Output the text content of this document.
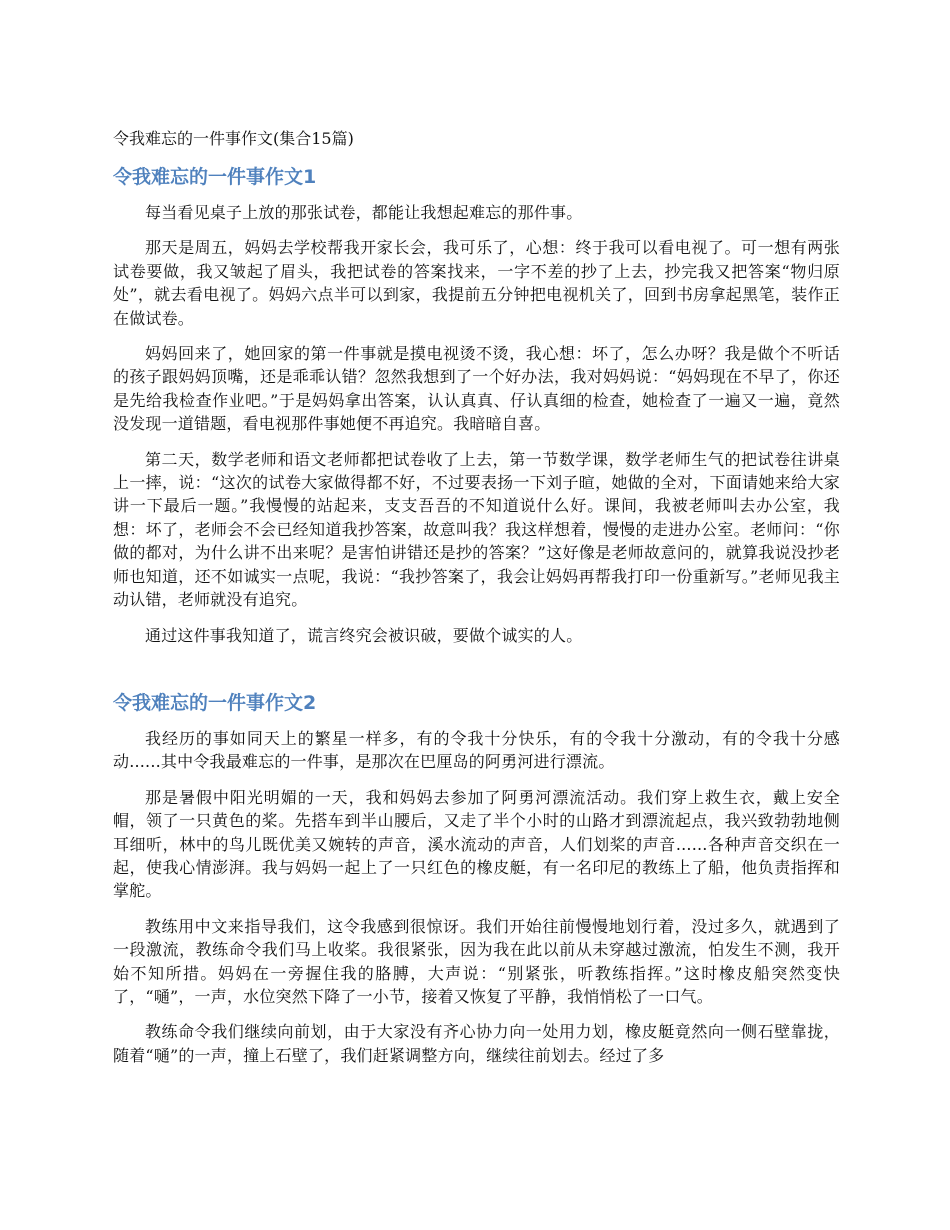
令我难忘的一件事作文(集合15篇)
令我难忘的一件事作文1

每当看见桌子上放的那张试卷，都能让我想起难忘的那件事。

那天是周五，妈妈去学校帮我开家长会，我可乐了，心想：终于我可以看电视了。可一想有两张试卷要做，我又皱起了眉头，我把试卷的答案找来，一字不差的抄了上去，抄完我又把答案“物归原处”，就去看电视了。妈妈六点半可以到家，我提前五分钟把电视机关了，回到书房拿起黑笔，装作正在做试卷。

妈妈回来了，她回家的第一件事就是摸电视烫不烫，我心想：坏了，怎么办呀？我是做个不听话的孩子跟妈妈顶嘴，还是乖乖认错？忽然我想到了一个好办法，我对妈妈说：“妈妈现在不早了，你还是先给我检查作业吧。”于是妈妈拿出答案，认认真真、仔认真细的检查，她检查了一遍又一遍，竟然没发现一道错题，看电视那件事她便不再追究。我暗暗自喜。

第二天，数学老师和语文老师都把试卷收了上去，第一节数学课，数学老师生气的把试卷往讲桌上一摔，说：“这次的试卷大家做得都不好，不过要表扬一下刘子暄，她做的全对，下面请她来给大家讲一下最后一题。”我慢慢的站起来，支支吾吾的不知道说什么好。课间，我被老师叫去办公室，我想：坏了，老师会不会已经知道我抄答案，故意叫我？我这样想着，慢慢的走进办公室。老师问：“你做的都对，为什么讲不出来呢？是害怕讲错还是抄的答案？”这好像是老师故意问的，就算我说没抄老师也知道，还不如诚实一点呢，我说：“我抄答案了，我会让妈妈再帮我打印一份重新写。”老师见我主动认错，老师就没有追究。

通过这件事我知道了，谎言终究会被识破，要做个诚实的人。

令我难忘的一件事作文2

我经历的事如同天上的繁星一样多，有的令我十分快乐，有的令我十分激动，有的令我十分感动......其中令我最难忘的一件事，是那次在巴厘岛的阿勇河进行漂流。

那是暑假中阳光明媚的一天，我和妈妈去参加了阿勇河漂流活动。我们穿上救生衣，戴上安全帽，领了一只黄色的桨。先搭车到半山腰后，又走了半个小时的山路才到漂流起点，我兴致勃勃地侧耳细听，林中的鸟儿既优美又婉转的声音，溪水流动的声音，人们划桨的声音......各种声音交织在一起，使我心情澎湃。我与妈妈一起上了一只红色的橡皮艇，有一名印尼的教练上了船，他负责指挥和掌舵。

教练用中文来指导我们，这令我感到很惊讶。我们开始往前慢慢地划行着，没过多久，就遇到了一段激流，教练命令我们马上收桨。我很紧张，因为我在此以前从未穿越过激流，怕发生不测，我开始不知所措。妈妈在一旁握住我的胳膊，大声说：“别紧张，听教练指挥。”这时橡皮船突然变快了，“嗵”，一声，水位突然下降了一小节，接着又恢复了平静，我悄悄松了一口气。

教练命令我们继续向前划，由于大家没有齐心协力向一处用力划，橡皮艇竟然向一侧石壁靠拢，随着“嗵”的一声，撞上石壁了，我们赶紧调整方向，继续往前划去。经过了多
